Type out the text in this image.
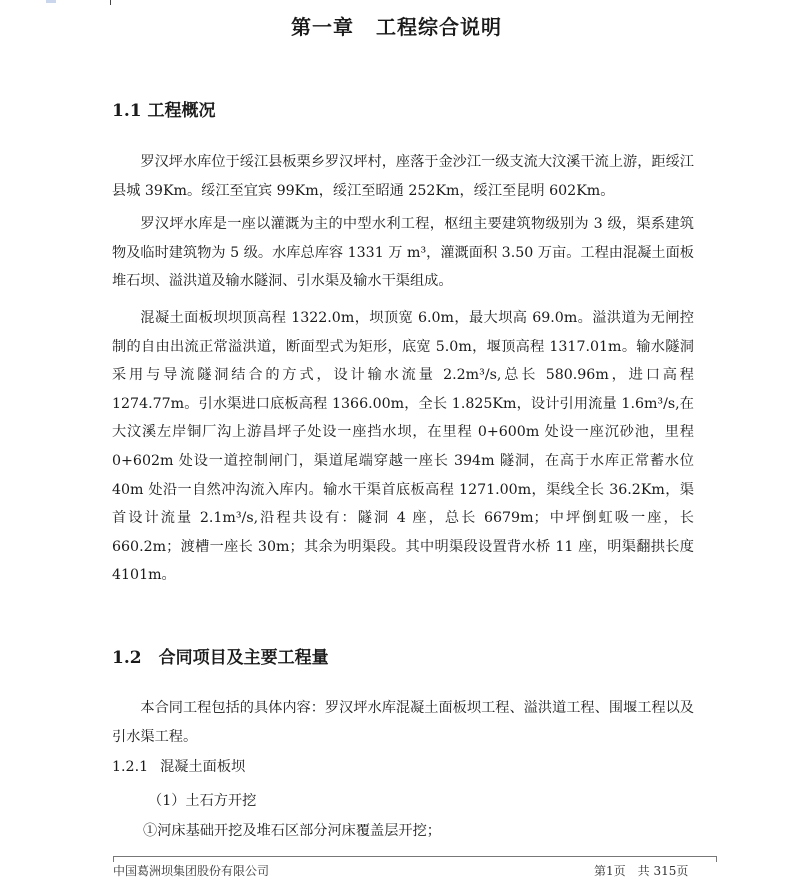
第一章 工程综合说明
1.1 工程概况

罗汉坪水库位于绥江县板栗乡罗汉坪村，座落于金沙江一级支流大汶溪干流上游，距绥江县城 39Km。绥江至宜宾 99Km，绥江至昭通 252Km，绥江至昆明 602Km。

罗汉坪水库是一座以灌溉为主的中型水利工程，枢纽主要建筑物级别为 3 级，渠系建筑物及临时建筑物为 5 级。水库总库容 1331 万 m³，灌溉面积 3.50 万亩。工程由混凝土面板堆石坝、溢洪道及输水隧洞、引水渠及输水干渠组成。

混凝土面板坝坝顶高程 1322.0m，坝顶宽 6.0m，最大坝高 69.0m。溢洪道为无闸控制的自由出流正常溢洪道，断面型式为矩形，底宽 5.0m，堰顶高程 1317.01m。输水隧洞采用与导流隧洞结合的方式，设计输水流量 2.2m³/s,总长 580.96m，进口高程 1274.77m。引水渠进口底板高程 1366.00m，全长 1.825Km，设计引用流量 1.6m³/s,在大汶溪左岸铜厂沟上游昌坪子处设一座挡水坝，在里程 0+600m 处设一座沉砂池，里程 0+602m 处设一道控制闸门，渠道尾端穿越一座长 394m 隧洞，在高于水库正常蓄水位 40m 处沿一自然冲沟流入库内。输水干渠首底板高程 1271.00m，渠线全长 36.2Km，渠首设计流量 2.1m³/s,沿程共设有：隧洞 4 座，总长 6679m；中坪倒虹吸一座，长 660.2m；渡槽一座长 30m；其余为明渠段。其中明渠段设置背水桥 11 座，明渠翻拱长度 4101m。

1.2　合同项目及主要工程量

本合同工程包括的具体内容：罗汉坪水库混凝土面板坝工程、溢洪道工程、围堰工程以及引水渠工程。

1.2.1 混凝土面板坝
（1）土石方开挖
①河床基础开挖及堆石区部分河床覆盖层开挖；
中国葛洲坝集团股份有限公司	第1页　共 315页
